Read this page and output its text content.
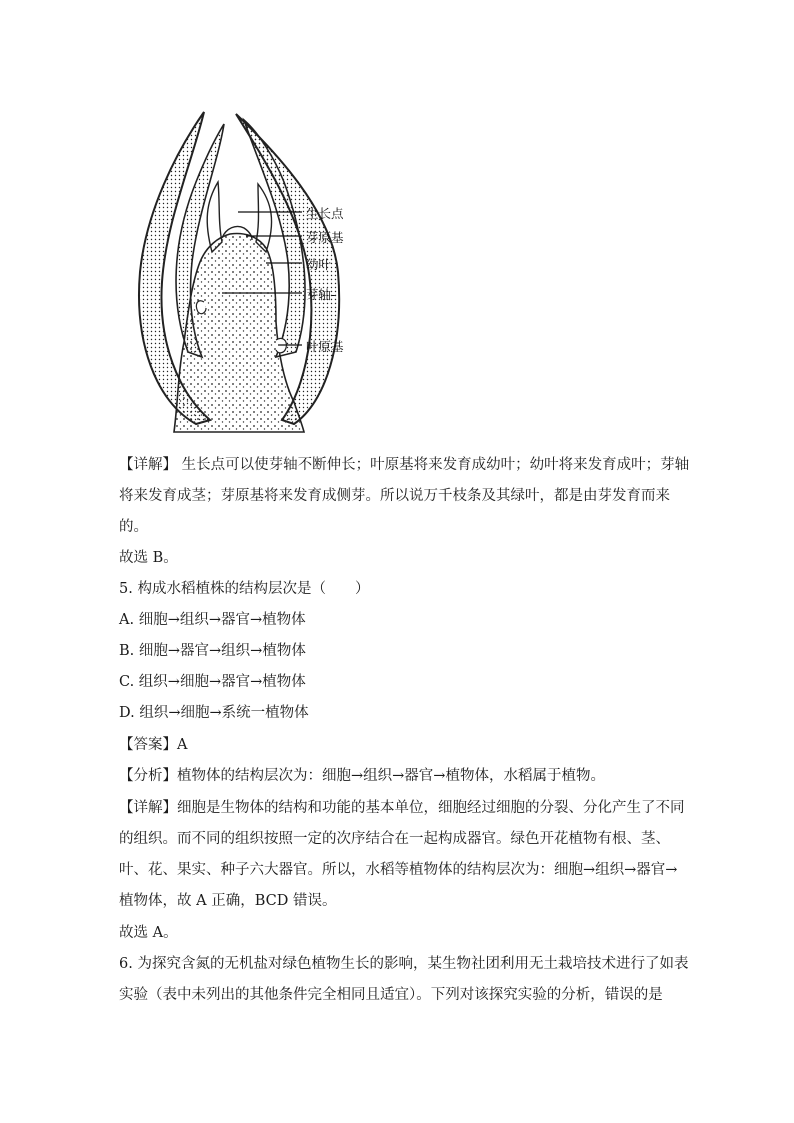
生长点
芽原基
幼叶
芽轴-
叶原基
【详解】 生长点可以使芽轴不断伸长；叶原基将来发育成幼叶；幼叶将来发育成叶；芽轴
将来发育成茎；芽原基将来发育成侧芽。所以说万千枝条及其绿叶，都是由芽发育而来
的。
故选 B。
5. 构成水稻植株的结构层次是（　　）
A. 细胞→组织→器官→植物体
B. 细胞→器官→组织→植物体
C. 组织→细胞→器官→植物体
D. 组织→细胞→系统一植物体
【答案】A
【分析】植物体的结构层次为：细胞→组织→器官→植物体，水稻属于植物。
【详解】细胞是生物体的结构和功能的基本单位，细胞经过细胞的分裂、分化产生了不同
的组织。而不同的组织按照一定的次序结合在一起构成器官。绿色开花植物有根、茎、
叶、花、果实、种子六大器官。所以，水稻等植物体的结构层次为：细胞→组织→器官→
植物体，故 A 正确，BCD 错误。
故选 A。
6. 为探究含氮的无机盐对绿色植物生长的影响，某生物社团利用无土栽培技术进行了如表
实验（表中未列出的其他条件完全相同且适宜）。下列对该探究实验的分析，错误的是
